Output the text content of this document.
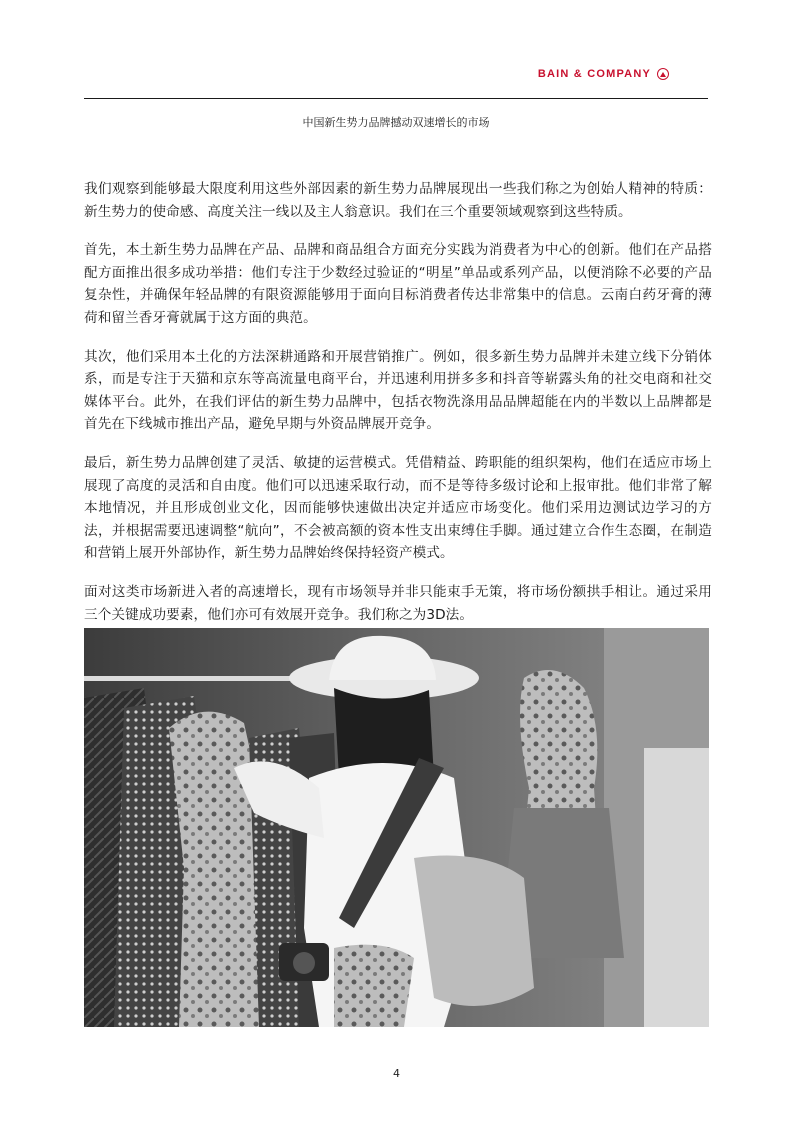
BAIN & COMPANY
中国新生势力品牌撼动双速增长的市场

我们观察到能够最大限度利用这些外部因素的新生势力品牌展现出一些我们称之为创始人精神的特质：新生势力的使命感、高度关注一线以及主人翁意识。我们在三个重要领域观察到这些特质。

首先，本土新生势力品牌在产品、品牌和商品组合方面充分实践为消费者为中心的创新。他们在产品搭配方面推出很多成功举措：他们专注于少数经过验证的“明星”单品或系列产品，以便消除不必要的产品复杂性，并确保年轻品牌的有限资源能够用于面向目标消费者传达非常集中的信息。云南白药牙膏的薄荷和留兰香牙膏就属于这方面的典范。

其次，他们采用本土化的方法深耕通路和开展营销推广。例如，很多新生势力品牌并未建立线下分销体系，而是专注于天猫和京东等高流量电商平台，并迅速利用拼多多和抖音等崭露头角的社交电商和社交媒体平台。此外，在我们评估的新生势力品牌中，包括衣物洗涤用品品牌超能在内的半数以上品牌都是首先在下线城市推出产品，避免早期与外资品牌展开竞争。

最后，新生势力品牌创建了灵活、敏捷的运营模式。凭借精益、跨职能的组织架构，他们在适应市场上展现了高度的灵活和自由度。他们可以迅速采取行动，而不是等待多级讨论和上报审批。他们非常了解本地情况，并且形成创业文化，因而能够快速做出决定并适应市场变化。他们采用边测试边学习的方法，并根据需要迅速调整“航向”，不会被高额的资本性支出束缚住手脚。通过建立合作生态圈，在制造和营销上展开外部协作，新生势力品牌始终保持轻资产模式。

面对这类市场新进入者的高速增长，现有市场领导并非只能束手无策，将市场份额拱手相让。通过采用三个关键成功要素，他们亦可有效展开竞争。我们称之为3D法。

4
